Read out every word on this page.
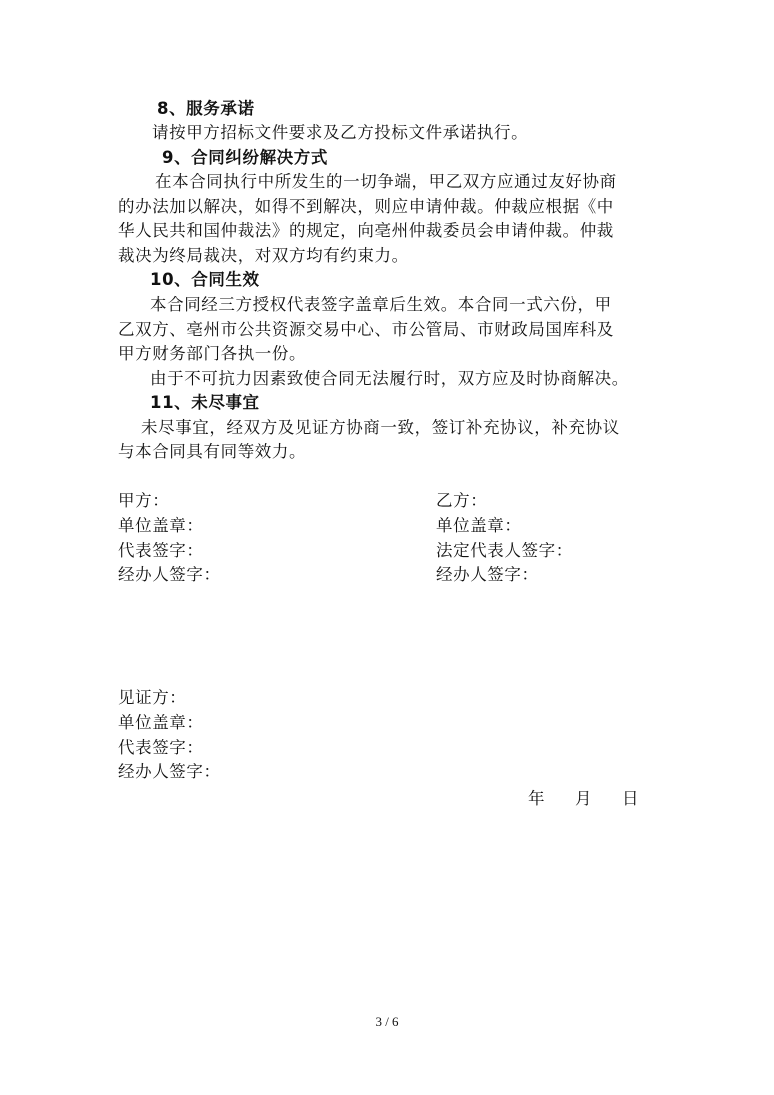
8、服务承诺
请按甲方招标文件要求及乙方投标文件承诺执行。
9、合同纠纷解决方式
在本合同执行中所发生的一切争端，甲乙双方应通过友好协商
的办法加以解决，如得不到解决，则应申请仲裁。仲裁应根据《中
华人民共和国仲裁法》的规定，向亳州仲裁委员会申请仲裁。仲裁
裁决为终局裁决，对双方均有约束力。
10、合同生效
本合同经三方授权代表签字盖章后生效。本合同一式六份，甲
乙双方、亳州市公共资源交易中心、市公管局、市财政局国库科及
甲方财务部门各执一份。
由于不可抗力因素致使合同无法履行时，双方应及时协商解决。
11、未尽事宜
未尽事宜，经双方及见证方协商一致，签订补充协议，补充协议
与本合同具有同等效力。
甲方：
单位盖章：
代表签字：
经办人签字：
乙方：
单位盖章：
法定代表人签字：
经办人签字：
见证方：
单位盖章：
代表签字：
经办人签字：
年 月 日
3 / 6
